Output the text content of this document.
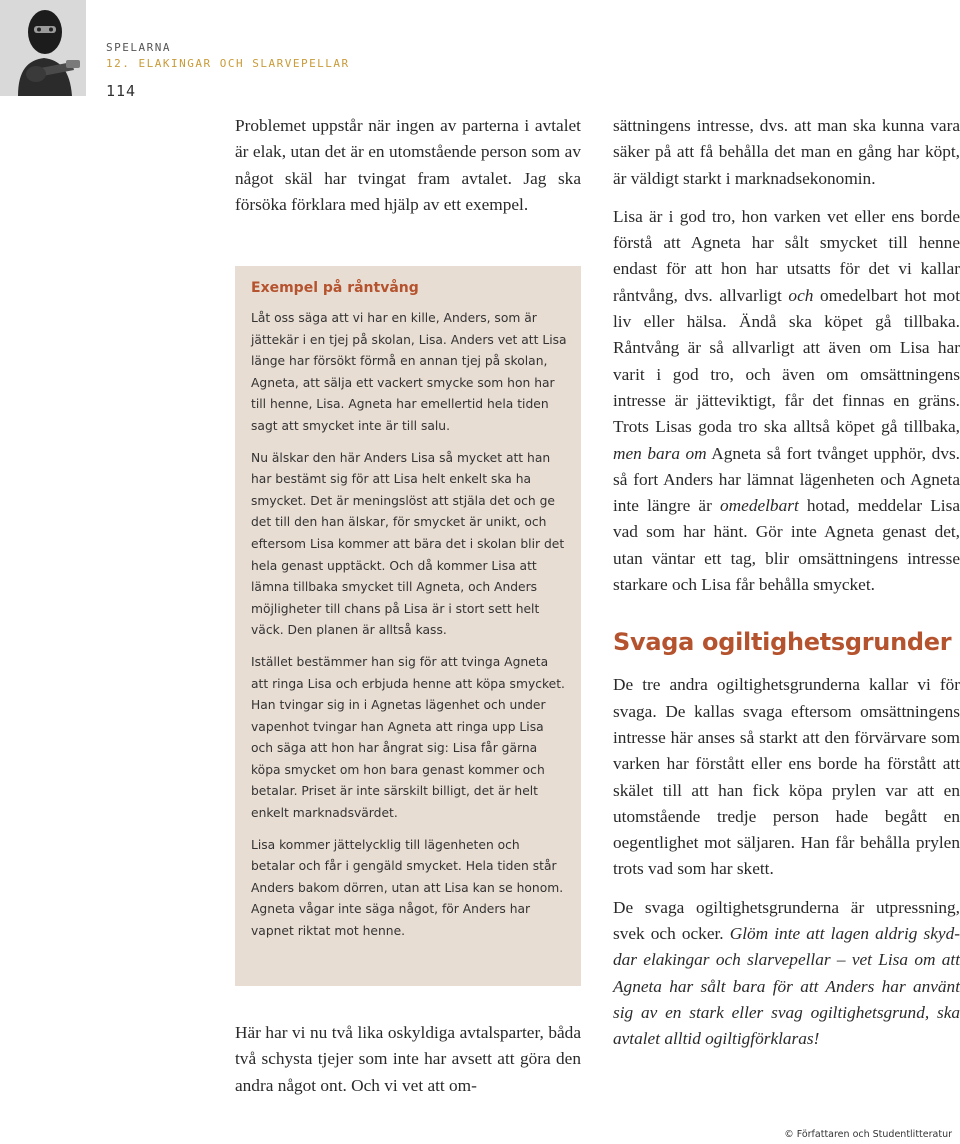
SPELARNA
12. ELAKINGAR OCH SLARVEPELLAR
114

Problemet uppstår när ingen av parterna i avtalet är elak, utan det är en utomstående person som av något skäl har tvingat fram avtalet. Jag ska försöka förklara med hjälp av ett exempel.

Exempel på råntvång

Låt oss säga att vi har en kille, Anders, som är jättekär i en tjej på skolan, Lisa. Anders vet att Lisa länge har försökt förmå en annan tjej på skolan, Agneta, att sälja ett vackert smycke som hon har till henne, Lisa. Agneta har emellertid hela tiden sagt att smycket inte är till salu.

Nu älskar den här Anders Lisa så mycket att han har bestämt sig för att Lisa helt enkelt ska ha smycket. Det är meningslöst att stjäla det och ge det till den han älskar, för smycket är unikt, och eftersom Lisa kommer att bära det i skolan blir det hela genast upptäckt. Och då kommer Lisa att lämna tillbaka smycket till Agneta, och Anders möjligheter till chans på Lisa är i stort sett helt väck. Den planen är alltså kass.

Istället bestämmer han sig för att tvinga Agneta att ringa Lisa och erbjuda henne att köpa smycket. Han tvingar sig in i Agnetas lägenhet och under vapenhot tvingar han Agneta att ringa upp Lisa och säga att hon har ångrat sig: Lisa får gärna köpa smycket om hon bara genast kommer och betalar. Priset är inte särskilt billigt, det är helt enkelt marknadsvärdet.

Lisa kommer jättelycklig till lägenheten och betalar och får i gengäld smycket. Hela tiden står Anders bakom dörren, utan att Lisa kan se honom. Agneta vågar inte säga något, för Anders har vapnet riktat mot henne.

Här har vi nu två lika oskyldiga avtalsparter, båda två schysta tjejer som inte har avsett att göra den andra något ont. Och vi vet att om-

sättningens intresse, dvs. att man ska kunna vara säker på att få behålla det man en gång har köpt, är väldigt starkt i marknadsekonomin.

Lisa är i god tro, hon varken vet eller ens borde förstå att Agneta har sålt smycket till henne endast för att hon har utsatts för det vi kallar råntvång, dvs. allvarligt och omedelbart hot mot liv eller hälsa. Ändå ska köpet gå tillbaka. Råntvång är så allvarligt att även om Lisa har varit i god tro, och även om omsättningens intresse är jätteviktigt, får det finnas en gräns. Trots Lisas goda tro ska alltså köpet gå tillbaka, men bara om Agneta så fort tvånget upphör, dvs. så fort Anders har lämnat lägenheten och Agneta inte längre är omedelbart hotad, meddelar Lisa vad som har hänt. Gör inte Agneta genast det, utan väntar ett tag, blir omsättningens intresse starkare och Lisa får behålla smycket.

Svaga ogiltighetsgrunder

De tre andra ogiltighetsgrunderna kallar vi för svaga. De kallas svaga eftersom omsättningens intresse här anses så starkt att den förvärvare som varken har förstått eller ens borde ha förstått att skälet till att han fick köpa prylen var att en utomstående tredje person hade begått en oegentlighet mot säljaren. Han får behålla prylen trots vad som har skett.

De svaga ogiltighetsgrunderna är utpressning, svek och ocker. Glöm inte att lagen aldrig skyddar elakingar och slarvepellar – vet Lisa om att Agneta har sålt bara för att Anders har använt sig av en stark eller svag ogiltighetsgrund, ska avtalet alltid ogiltigförklaras!

© Författaren och Studentlitteratur
